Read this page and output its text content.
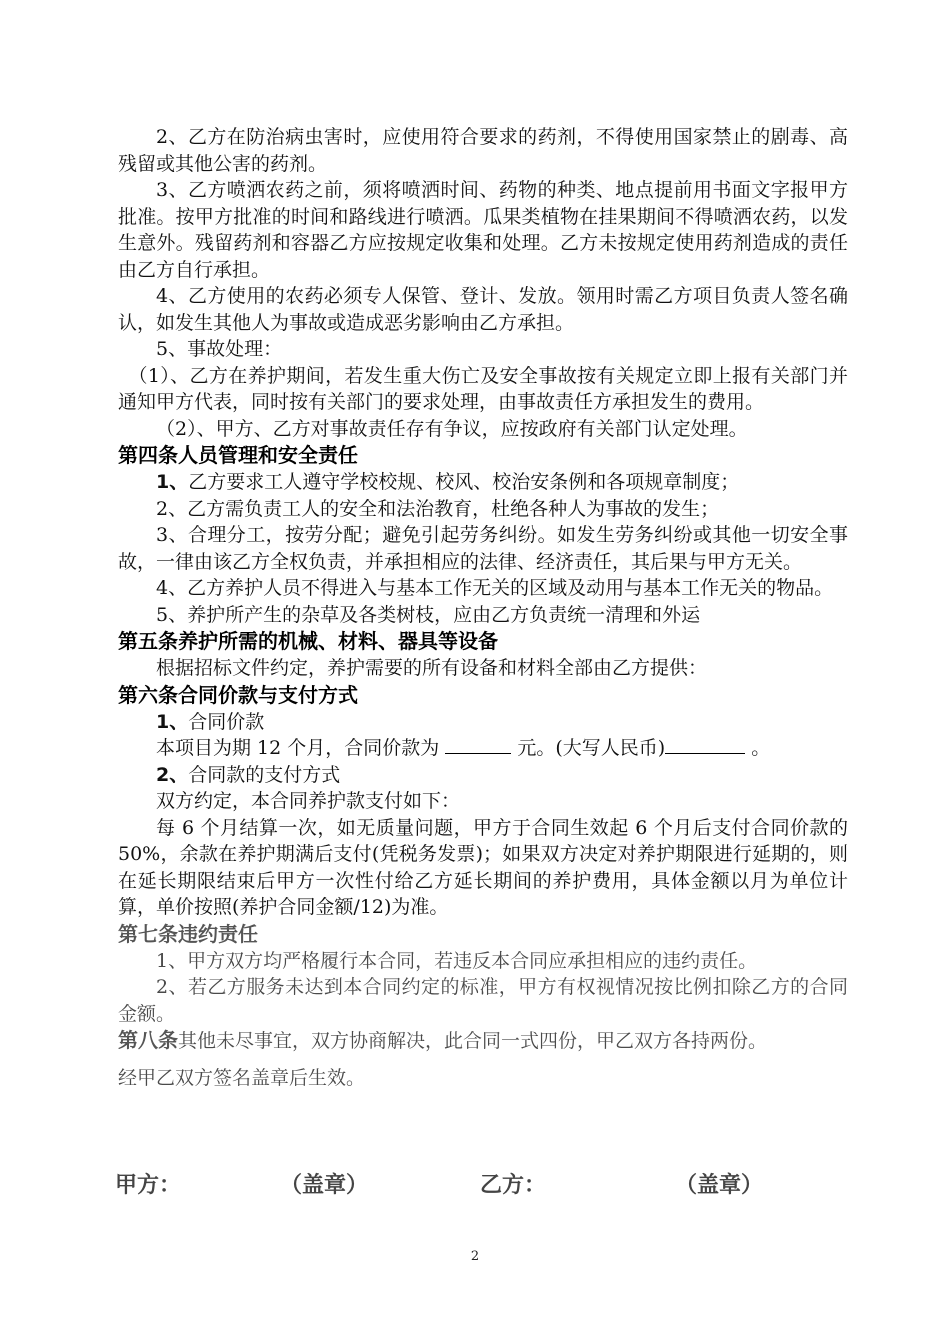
2、乙方在防治病虫害时，应使用符合要求的药剂，不得使用国家禁止的剧毒、高残留或其他公害的药剂。

3、乙方喷洒农药之前，须将喷洒时间、药物的种类、地点提前用书面文字报甲方批准。按甲方批准的时间和路线进行喷洒。瓜果类植物在挂果期间不得喷洒农药，以发生意外。残留药剂和容器乙方应按规定收集和处理。乙方未按规定使用药剂造成的责任由乙方自行承担。

4、乙方使用的农药必须专人保管、登计、发放。领用时需乙方项目负责人签名确认，如发生其他人为事故或造成恶劣影响由乙方承担。

5、事故处理：

（1）、乙方在养护期间，若发生重大伤亡及安全事故按有关规定立即上报有关部门并通知甲方代表，同时按有关部门的要求处理，由事故责任方承担发生的费用。

（2）、甲方、乙方对事故责任存有争议，应按政府有关部门认定处理。

第四条人员管理和安全责任

1、乙方要求工人遵守学校校规、校风、校治安条例和各项规章制度；

2、乙方需负责工人的安全和法治教育，杜绝各种人为事故的发生；

3、合理分工，按劳分配；避免引起劳务纠纷。如发生劳务纠纷或其他一切安全事故，一律由该乙方全权负责，并承担相应的法律、经济责任，其后果与甲方无关。

4、乙方养护人员不得进入与基本工作无关的区域及动用与基本工作无关的物品。

5、养护所产生的杂草及各类树枝，应由乙方负责统一清理和外运

第五条养护所需的机械、材料、器具等设备

根据招标文件约定，养护需要的所有设备和材料全部由乙方提供：

第六条合同价款与支付方式

1、合同价款

本项目为期 12 个月，合同价款为	元。(大写人民币)	。

2、合同款的支付方式

双方约定，本合同养护款支付如下：

每 6 个月结算一次，如无质量问题，甲方于合同生效起 6 个月后支付合同价款的 50%，余款在养护期满后支付(凭税务发票)；如果双方决定对养护期限进行延期的，则在延长期限结束后甲方一次性付给乙方延长期间的养护费用，具体金额以月为单位计算，单价按照(养护合同金额/12)为准。

第七条违约责任

1、甲方双方均严格履行本合同，若违反本合同应承担相应的违约责任。

2、若乙方服务未达到本合同约定的标准，甲方有权视情况按比例扣除乙方的合同金额。

第八条其他未尽事宜，双方协商解决，此合同一式四份，甲乙双方各持两份。

经甲乙双方签名盖章后生效。

甲方：	（盖章）	乙方：	（盖章）
2
